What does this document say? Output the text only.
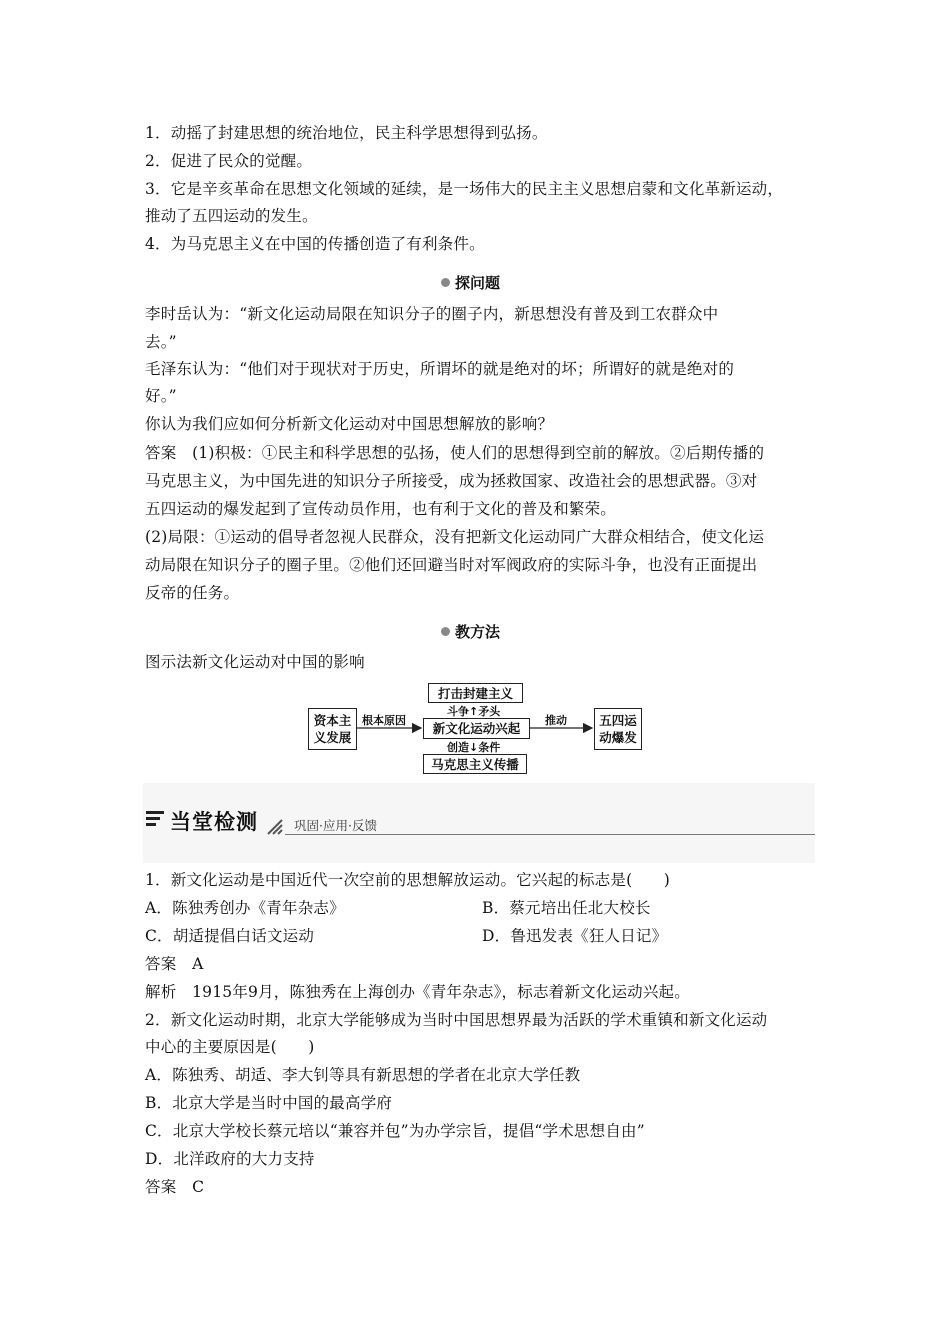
1．动摇了封建思想的统治地位，民主科学思想得到弘扬。
2．促进了民众的觉醒。
3．它是辛亥革命在思想文化领域的延续，是一场伟大的民主主义思想启蒙和文化革新运动，
推动了五四运动的发生。
4．为马克思主义在中国的传播创造了有利条件。
探问题
李时岳认为：“新文化运动局限在知识分子的圈子内，新思想没有普及到工农群众中
去。”
毛泽东认为：“他们对于现状对于历史，所谓坏的就是绝对的坏；所谓好的就是绝对的
好。”
你认为我们应如何分析新文化运动对中国思想解放的影响？
答案　(1)积极：①民主和科学思想的弘扬，使人们的思想得到空前的解放。②后期传播的
马克思主义，为中国先进的知识分子所接受，成为拯救国家、改造社会的思想武器。③对
五四运动的爆发起到了宣传动员作用，也有利于文化的普及和繁荣。
(2)局限：①运动的倡导者忽视人民群众，没有把新文化运动同广大群众相结合，使文化运
动局限在知识分子的圈子里。②他们还回避当时对军阀政府的实际斗争，也没有正面提出
反帝的任务。
教方法
图示法新文化运动对中国的影响
资本主
义发展
根本原因
打击封建主义
斗争↑矛头
新文化运动兴起
创造↓条件
马克思主义传播
推动	五四运
动爆发
当堂检测	巩固·应用·反馈
1．新文化运动是中国近代一次空前的思想解放运动。它兴起的标志是(　　)
A．陈独秀创办《青年杂志》	B．蔡元培出任北大校长
C．胡适提倡白话文运动	D．鲁迅发表《狂人日记》
答案　A
解析　1915年9月，陈独秀在上海创办《青年杂志》，标志着新文化运动兴起。
2．新文化运动时期，北京大学能够成为当时中国思想界最为活跃的学术重镇和新文化运动
中心的主要原因是(　　)
A．陈独秀、胡适、李大钊等具有新思想的学者在北京大学任教
B．北京大学是当时中国的最高学府
C．北京大学校长蔡元培以“兼容并包”为办学宗旨，提倡“学术思想自由”
D．北洋政府的大力支持
答案　C
